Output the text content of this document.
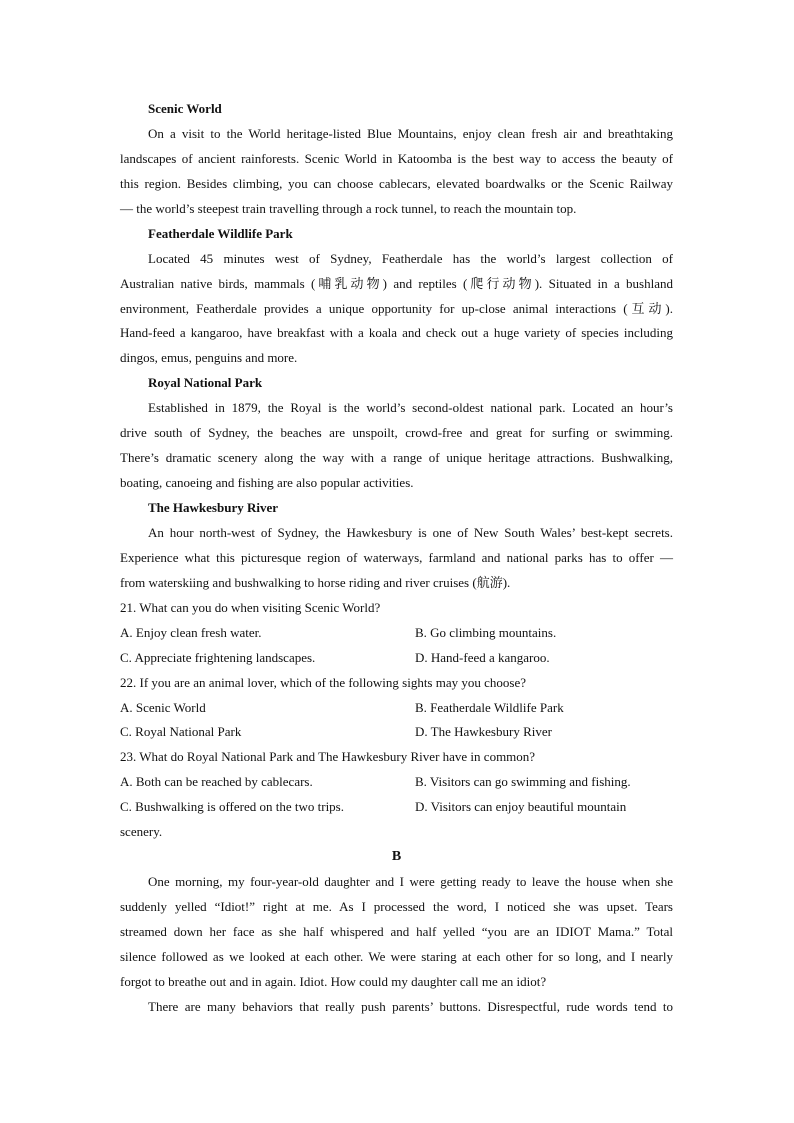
Scenic World
On a visit to the World heritage-listed Blue Mountains, enjoy clean fresh air and breathtaking
landscapes of ancient rainforests. Scenic World in Katoomba is the best way to access the beauty of
this region. Besides climbing, you can choose cablecars, elevated boardwalks or the Scenic Railway
— the world’s steepest train travelling through a rock tunnel, to reach the mountain top.
Featherdale Wildlife Park
Located 45 minutes west of Sydney, Featherdale has the world’s largest collection of
Australian native birds, mammals (哺乳动物) and reptiles (爬行动物). Situated in a bushland
environment, Featherdale provides a unique opportunity for up-close animal interactions (互动).
Hand-feed a kangaroo, have breakfast with a koala and check out a huge variety of species including
dingos, emus, penguins and more.
Royal National Park
Established in 1879, the Royal is the world’s second-oldest national park. Located an hour’s
drive south of Sydney, the beaches are unspoilt, crowd-free and great for surfing or swimming.
There’s dramatic scenery along the way with a range of unique heritage attractions. Bushwalking,
boating, canoeing and fishing are also popular activities.
The Hawkesbury River
An hour north-west of Sydney, the Hawkesbury is one of New South Wales’ best-kept secrets.
Experience what this picturesque region of waterways, farmland and national parks has to offer —
from waterskiing and bushwalking to horse riding and river cruises (航游).
21. What can you do when visiting Scenic World?
A. Enjoy clean fresh water.	B. Go climbing mountains.
C. Appreciate frightening landscapes.	D. Hand-feed a kangaroo.
22. If you are an animal lover, which of the following sights may you choose?
A. Scenic World	B. Featherdale Wildlife Park
C. Royal National Park	D. The Hawkesbury River
23. What do Royal National Park and The Hawkesbury River have in common?
A. Both can be reached by cablecars.	B. Visitors can go swimming and fishing.
C. Bushwalking is offered on the two trips.	D. Visitors can enjoy beautiful mountain
scenery.
B
One morning, my four-year-old daughter and I were getting ready to leave the house when she
suddenly yelled “Idiot!” right at me. As I processed the word, I noticed she was upset. Tears
streamed down her face as she half whispered and half yelled “you are an IDIOT Mama.” Total
silence followed as we looked at each other. We were staring at each other for so long, and I nearly
forgot to breathe out and in again. Idiot. How could my daughter call me an idiot?
There are many behaviors that really push parents’ buttons. Disrespectful, rude words tend to
